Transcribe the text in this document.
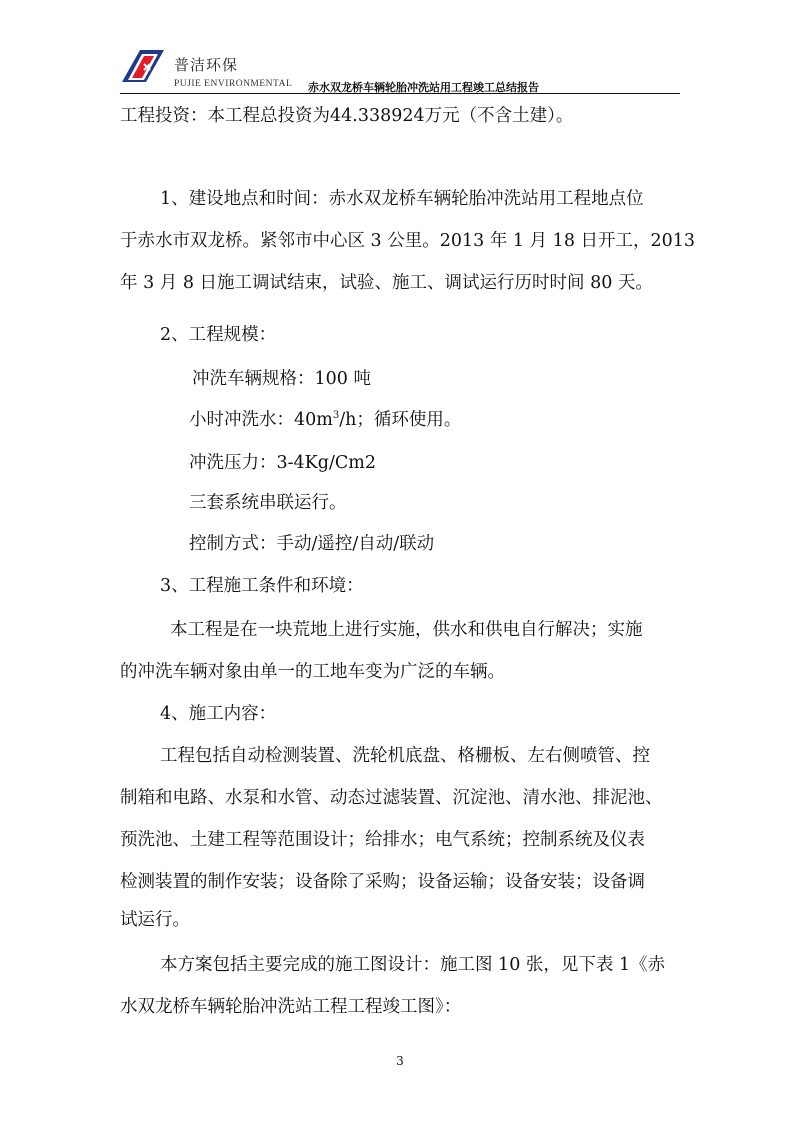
普洁环保
PUJIE ENVIRONMENTAL 赤水双龙桥车辆轮胎冲洗站用工程竣工总结报告
工程投资：本工程总投资为44.338924万元（不含土建）。
1、建设地点和时间：赤水双龙桥车辆轮胎冲洗站用工程地点位
于赤水市双龙桥。紧邻市中心区 3 公里。2013 年 1 月 18 日开工，2013
年 3 月 8 日施工调试结束，试验、施工、调试运行历时时间 80 天。
2、工程规模：
冲洗车辆规格：100 吨
小时冲洗水：$40m^3/h$；循环使用。
冲洗压力：3-4Kg/Cm2
三套系统串联运行。
控制方式：手动/遥控/自动/联动
3、工程施工条件和环境：
本工程是在一块荒地上进行实施，供水和供电自行解决；实施
的冲洗车辆对象由单一的工地车变为广泛的车辆。
4、施工内容：
工程包括自动检测装置、洗轮机底盘、格栅板、左右侧喷管、控
制箱和电路、水泵和水管、动态过滤装置、沉淀池、清水池、排泥池、
预洗池、土建工程等范围设计；给排水；电气系统；控制系统及仪表
检测装置的制作安装；设备除了采购；设备运输；设备安装；设备调
试运行。
本方案包括主要完成的施工图设计：施工图 10 张，见下表 1《赤
水双龙桥车辆轮胎冲洗站工程工程竣工图》：
3
